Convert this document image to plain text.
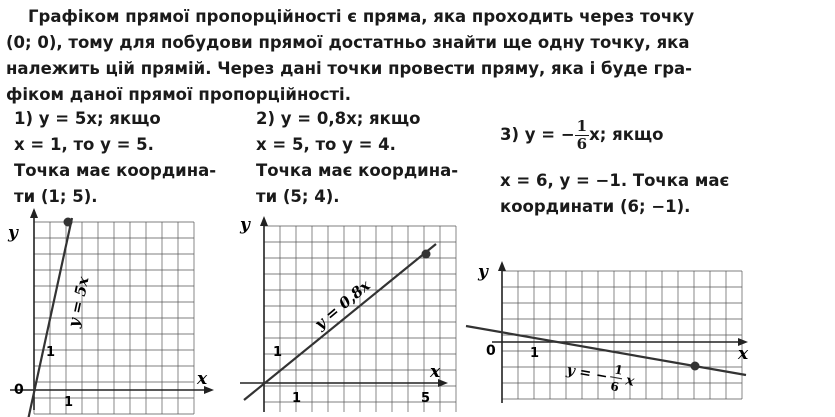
Графіком прямої пропорційності є пряма, яка проходить через точку
(0; 0), тому для побудови прямої достатньо знайти ще одну точку, яка
належить цій прямій. Через дані точки провести пряму, яка і буде гра-
фіком даної прямої пропорційності.
1) y = 5x; якщо
x = 1, то y = 5.
Точка має координа-
ти (1; 5).
2) y = 0,8x; якщо
x = 5, то y = 4.
Точка має координа-
ти (5; 4).
3) y = − $\frac{1}{6} x$; якщо
x = 6, y = −1. Точка має
координати (6; −1).
y
x
0
1
1
y = 5x
y
x
1	5
1
y = 0,8x
y
x
0	1
y = − 1
6 x
